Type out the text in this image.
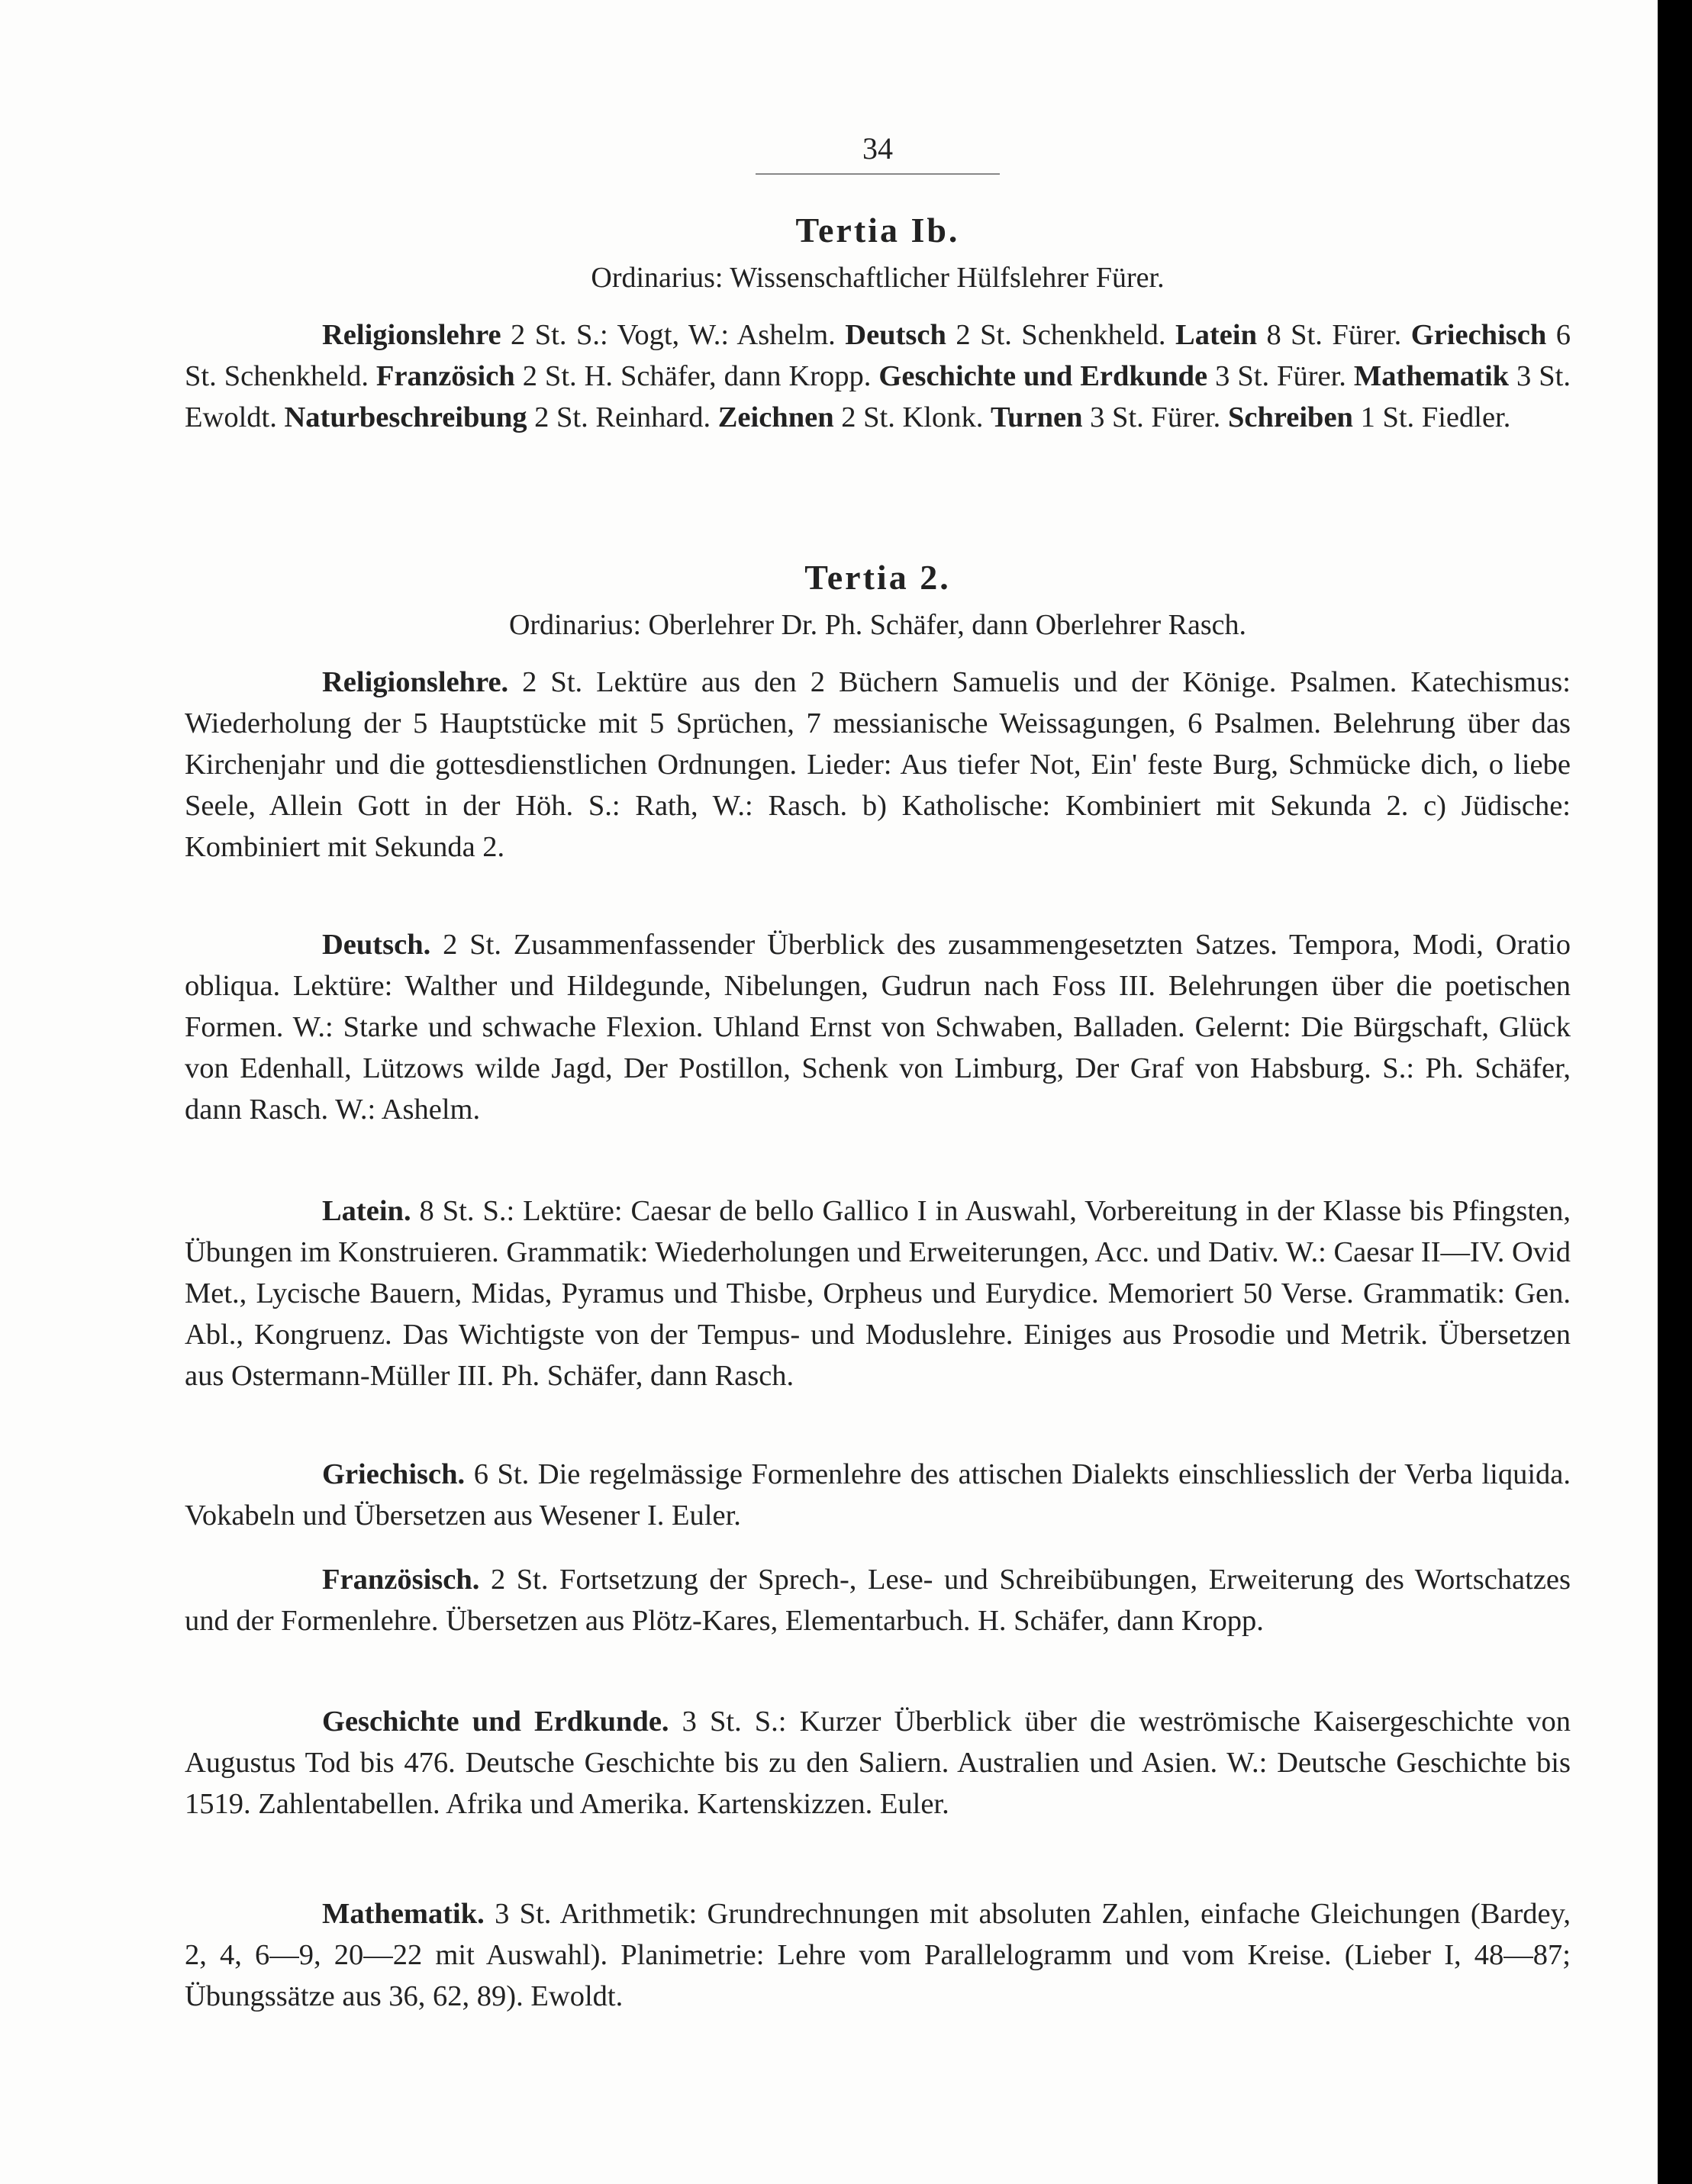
34
Tertia Ib.
Ordinarius: Wissenschaftlicher Hülfslehrer Fürer.

Religionslehre 2 St. S.: Vogt, W.: Ashelm. Deutsch 2 St. Schenkheld. Latein 8 St. Fürer. Griechisch 6 St. Schenkheld. Französich 2 St. H. Schäfer, dann Kropp. Geschichte und Erdkunde 3 St. Fürer. Mathematik 3 St. Ewoldt. Naturbeschreibung 2 St. Reinhard. Zeichnen 2 St. Klonk. Turnen 3 St. Fürer. Schreiben 1 St. Fiedler.

Tertia 2.
Ordinarius: Oberlehrer Dr. Ph. Schäfer, dann Oberlehrer Rasch.

Religionslehre. 2 St. Lektüre aus den 2 Büchern Samuelis und der Könige. Psalmen. Katechismus: Wiederholung der 5 Hauptstücke mit 5 Sprüchen, 7 messianische Weissagungen, 6 Psalmen. Belehrung über das Kirchenjahr und die gottesdienstlichen Ordnungen. Lieder: Aus tiefer Not, Ein' feste Burg, Schmücke dich, o liebe Seele, Allein Gott in der Höh. S.: Rath, W.: Rasch. b) Katholische: Kombiniert mit Sekunda 2. c) Jüdische: Kombiniert mit Sekunda 2.

Deutsch. 2 St. Zusammenfassender Überblick des zusammengesetzten Satzes. Tempora, Modi, Oratio obliqua. Lektüre: Walther und Hildegunde, Nibelungen, Gudrun nach Foss III. Belehrungen über die poetischen Formen. W.: Starke und schwache Flexion. Uhland Ernst von Schwaben, Balladen. Gelernt: Die Bürgschaft, Glück von Edenhall, Lützows wilde Jagd, Der Postillon, Schenk von Limburg, Der Graf von Habsburg. S.: Ph. Schäfer, dann Rasch. W.: Ashelm.

Latein. 8 St. S.: Lektüre: Caesar de bello Gallico I in Auswahl, Vorbereitung in der Klasse bis Pfingsten, Übungen im Konstruieren. Grammatik: Wiederholungen und Erweiterungen, Acc. und Dativ. W.: Caesar II—IV. Ovid Met., Lycische Bauern, Midas, Pyramus und Thisbe, Orpheus und Eurydice. Memoriert 50 Verse. Grammatik: Gen. Abl., Kongruenz. Das Wichtigste von der Tempus- und Moduslehre. Einiges aus Prosodie und Metrik. Übersetzen aus Ostermann-Müller III. Ph. Schäfer, dann Rasch.

Griechisch. 6 St. Die regelmässige Formenlehre des attischen Dialekts einschliesslich der Verba liquida. Vokabeln und Übersetzen aus Wesener I. Euler.

Französisch. 2 St. Fortsetzung der Sprech-, Lese- und Schreibübungen, Erweiterung des Wortschatzes und der Formenlehre. Übersetzen aus Plötz-Kares, Elementarbuch. H. Schäfer, dann Kropp.

Geschichte und Erdkunde. 3 St. S.: Kurzer Überblick über die weströmische Kaisergeschichte von Augustus Tod bis 476. Deutsche Geschichte bis zu den Saliern. Australien und Asien. W.: Deutsche Geschichte bis 1519. Zahlentabellen. Afrika und Amerika. Kartenskizzen. Euler.

Mathematik. 3 St. Arithmetik: Grundrechnungen mit absoluten Zahlen, einfache Gleichungen (Bardey, 2, 4, 6—9, 20—22 mit Auswahl). Planimetrie: Lehre vom Parallelogramm und vom Kreise. (Lieber I, 48—87; Übungssätze aus 36, 62, 89). Ewoldt.
